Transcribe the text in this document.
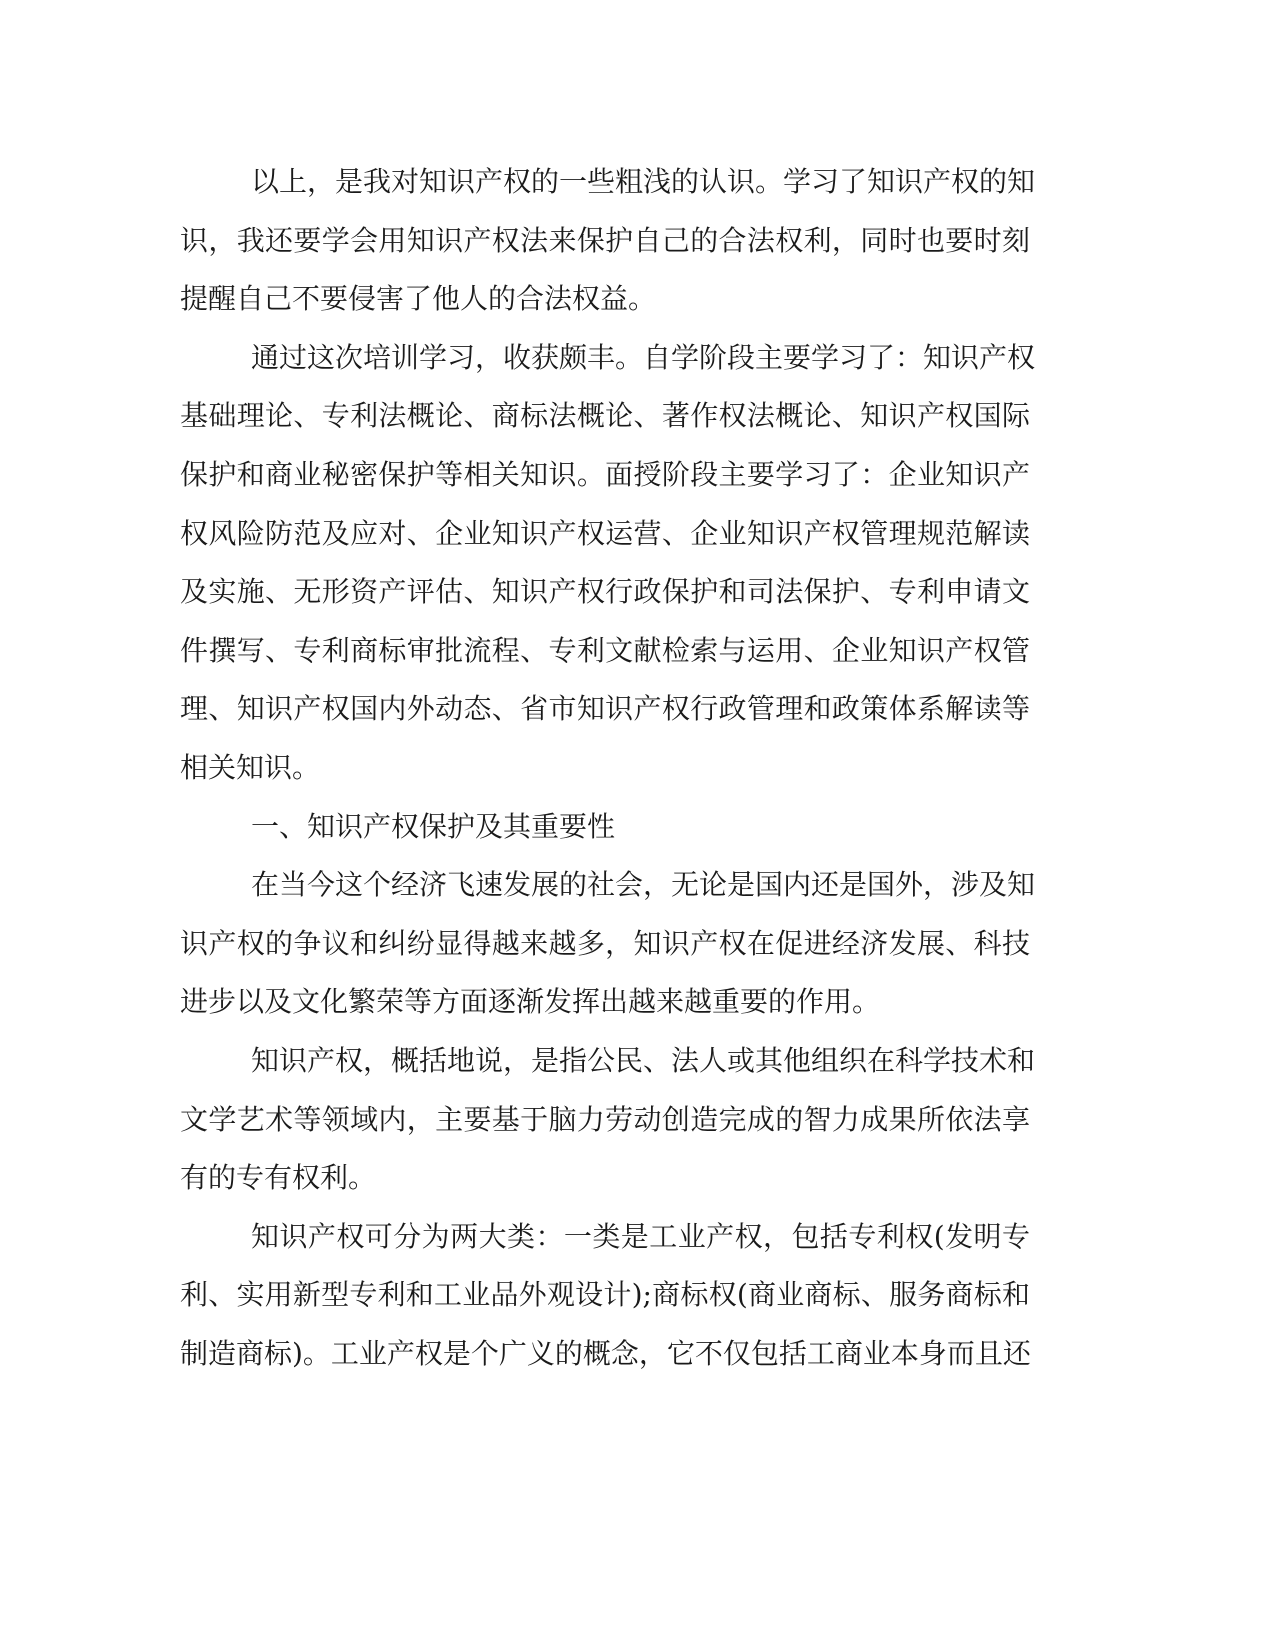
以上，是我对知识产权的一些粗浅的认识。学习了知识产权的知
识，我还要学会用知识产权法来保护自己的合法权利，同时也要时刻
提醒自己不要侵害了他人的合法权益。
通过这次培训学习，收获颇丰。自学阶段主要学习了：知识产权
基础理论、专利法概论、商标法概论、著作权法概论、知识产权国际
保护和商业秘密保护等相关知识。面授阶段主要学习了：企业知识产
权风险防范及应对、企业知识产权运营、企业知识产权管理规范解读
及实施、无形资产评估、知识产权行政保护和司法保护、专利申请文
件撰写、专利商标审批流程、专利文献检索与运用、企业知识产权管
理、知识产权国内外动态、省市知识产权行政管理和政策体系解读等
相关知识。
一、知识产权保护及其重要性
在当今这个经济飞速发展的社会，无论是国内还是国外，涉及知
识产权的争议和纠纷显得越来越多，知识产权在促进经济发展、科技
进步以及文化繁荣等方面逐渐发挥出越来越重要的作用。
知识产权，概括地说，是指公民、法人或其他组织在科学技术和
文学艺术等领域内，主要基于脑力劳动创造完成的智力成果所依法享
有的专有权利。
知识产权可分为两大类：一类是工业产权，包括专利权(发明专
利、实用新型专利和工业品外观设计);商标权(商业商标、服务商标和
制造商标)。工业产权是个广义的概念，它不仅包括工商业本身而且还
